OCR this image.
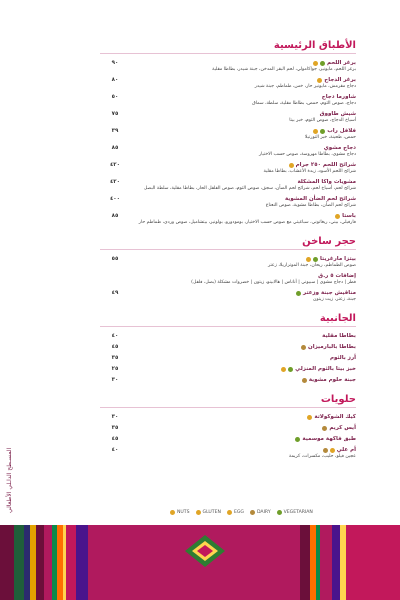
الأطباق الرئيسية
برغر اللحم
برغر اللحم، مايونيز، جواكامولي، لحم البقر المدخن، جبنة شيدر، بطاطا مقلية
٩٠
برغر الدجاج
دجاج مقرمش، مايونيز حار، خس، طماطم، جبنة شيدر
٨٠
شاورما دجاج
دجاج، صوص الثوم، حمص، بطاطا مقلية، سلطة، سماق
٥٠
شيش طاووق
أسياخ الدجاج، صوص الثوم، خبز بيتا
٧٥
فلافل راب
حمص، طحينة، خبز التورتيلا
٣٩
دجاج مشوي
دجاج مشوي، بطاطا مهروسة، صوص حسب الاختيار
٨٥
شرائح اللحم ٢٥٠ جرام
شرائح اللحم الأسود، زبدة الأعشاب، بطاطا مقلية
٤٢٠
مشويات واكا المشكلة
شرائح لحم، أسياخ لحم، شرائح لحم الضأن، سجق، صوص الثوم، صوص الفلفل الحار، بطاطا مقلية، سلطة البصل
٤٢٠
شرائح لحم الضأن المشوية
شرائح لحم الضأن، بطاطا مشوية، صوص النعناع
٤٠٠
باستا
فارفيلي، بيني، ريغاتوني، سباغيتي مع صوص حسب الاختيار، بومودورو، بولونيز، بيتشاميل، صوص وردي، طماطم حار
٨٥
حجر ساخن
بيتزا مارغريتا
صوص الطماطم، ريحان، جبنة الموتزاريلا، زعتر
٥٥
إضافات ٥ ر.ق
فطر | دجاج مشوي | سبيوني | أناناس | هالابينو، زيتون | خضروات مشكلة (بصل، فلفل)
مناقيش جبنة وزعتر
جبنة، زعتر، زيت زيتون
٤٩
الجانبية
بطاطا مقلية
٤٠
بطاطا بالبارميزان
٤٥
أرز بالثوم
٣٥
خبز بيتا بالثوم المنزلي
٢٥
جبنة حلوم مشوية
٣٠
حلويات
كيك الشوكولاتة
٣٠
أيس كريم
٣٥
طبق فاكهة موسمية
٤٥
أم علي
عجين فيلو، حليب، مكسرات، كريمة
٤٠
المسـطح الداـلي الأطعالي	NUTS	GLUTEN	EGG	DAIRY	VEGETARIAN
